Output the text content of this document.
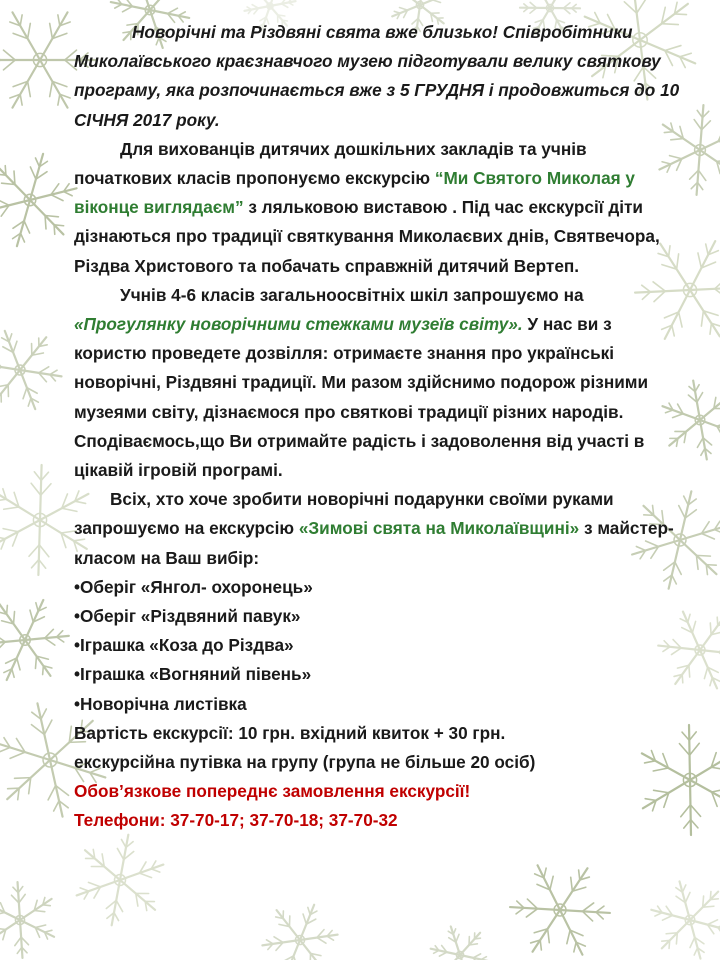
Новорічні та Різдвяні свята вже близько! Співробітники Миколаївського краєзнавчого музею підготували велику святкову програму, яка розпочинається вже з 5 ГРУДНЯ і продовжиться до 10 СІЧНЯ 2017 року.

Для вихованців дитячих дошкільних закладів та учнів початкових класів пропонуємо екскурсію “Ми Святого Миколая у віконце виглядаєм” з ляльковою виставою . Під час екскурсії діти дізнаються про традиції святкування Миколаєвих днів, Святвечора, Різдва Христового та побачать справжній дитячий Вертеп.

Учнів 4-6 класів загальноосвітніх шкіл запрошуємо на «Прогулянку новорічними стежками музеїв світу». У нас ви з користю проведете дозвілля: отримаєте знання про українські новорічні, Різдвяні традиції. Ми разом здійснимо подорож різними музеями світу, дізнаємося про святкові традиції різних народів. Сподіваємось,що Ви отримайте радість і задоволення від участі в цікавій ігровій програмі.

Всіх, хто хоче зробити новорічні подарунки своїми руками запрошуємо на екскурсію «Зимові свята на Миколаївщині» з майстер-класом на Ваш вибір:

•Оберіг «Янгол- охоронець»

•Оберіг «Різдвяний павук»

•Іграшка «Коза до Різдва»

•Іграшка «Вогняний півень»

•Новорічна листівка

Вартість екскурсії: 10 грн. вхідний квиток + 30 грн.

екскурсійна путівка на групу (група не більше 20 осіб)

Обов’язкове попереднє замовлення екскурсії!

Телефони: 37-70-17; 37-70-18; 37-70-32
